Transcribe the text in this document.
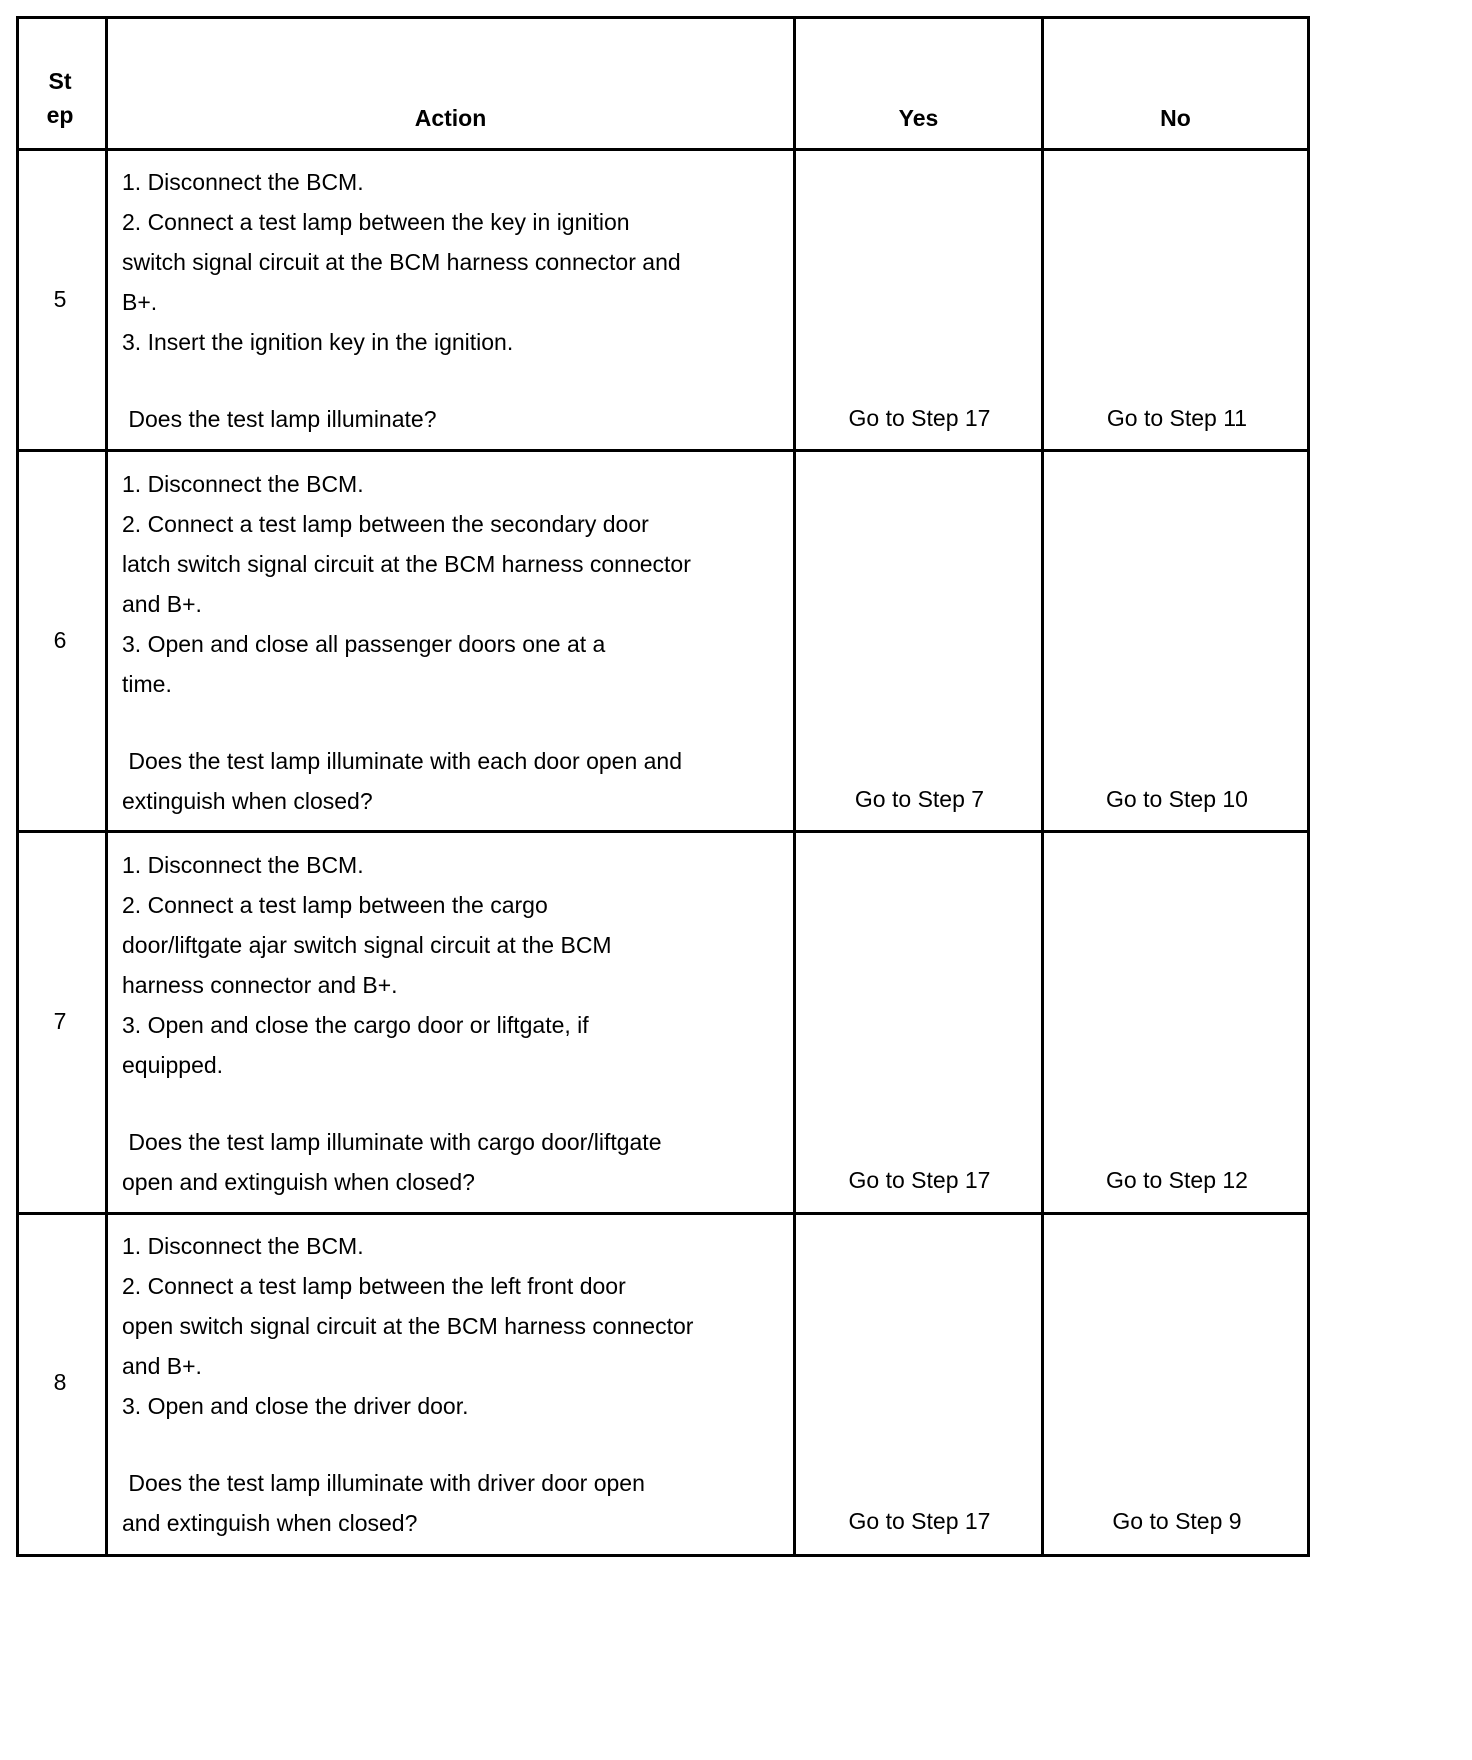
St
ep	Action	Yes	No
5
1. Disconnect the BCM.
2. Connect a test lamp between the key in ignition
switch signal circuit at the BCM harness connector and
B+.
3. Insert the ignition key in the ignition.
Does the test lamp illuminate?	Go to Step 17	Go to Step 11
6
1. Disconnect the BCM.
2. Connect a test lamp between the secondary door
latch switch signal circuit at the BCM harness connector
and B+.
3. Open and close all passenger doors one at a
time.
Does the test lamp illuminate with each door open and
extinguish when closed?	Go to Step 7	Go to Step 10
7
1. Disconnect the BCM.
2. Connect a test lamp between the cargo
door/liftgate ajar switch signal circuit at the BCM
harness connector and B+.
3. Open and close the cargo door or liftgate, if
equipped.
Does the test lamp illuminate with cargo door/liftgate
open and extinguish when closed?	Go to Step 17	Go to Step 12
8
1. Disconnect the BCM.
2. Connect a test lamp between the left front door
open switch signal circuit at the BCM harness connector
and B+.
3. Open and close the driver door.
Does the test lamp illuminate with driver door open
and extinguish when closed?	Go to Step 17	Go to Step 9
